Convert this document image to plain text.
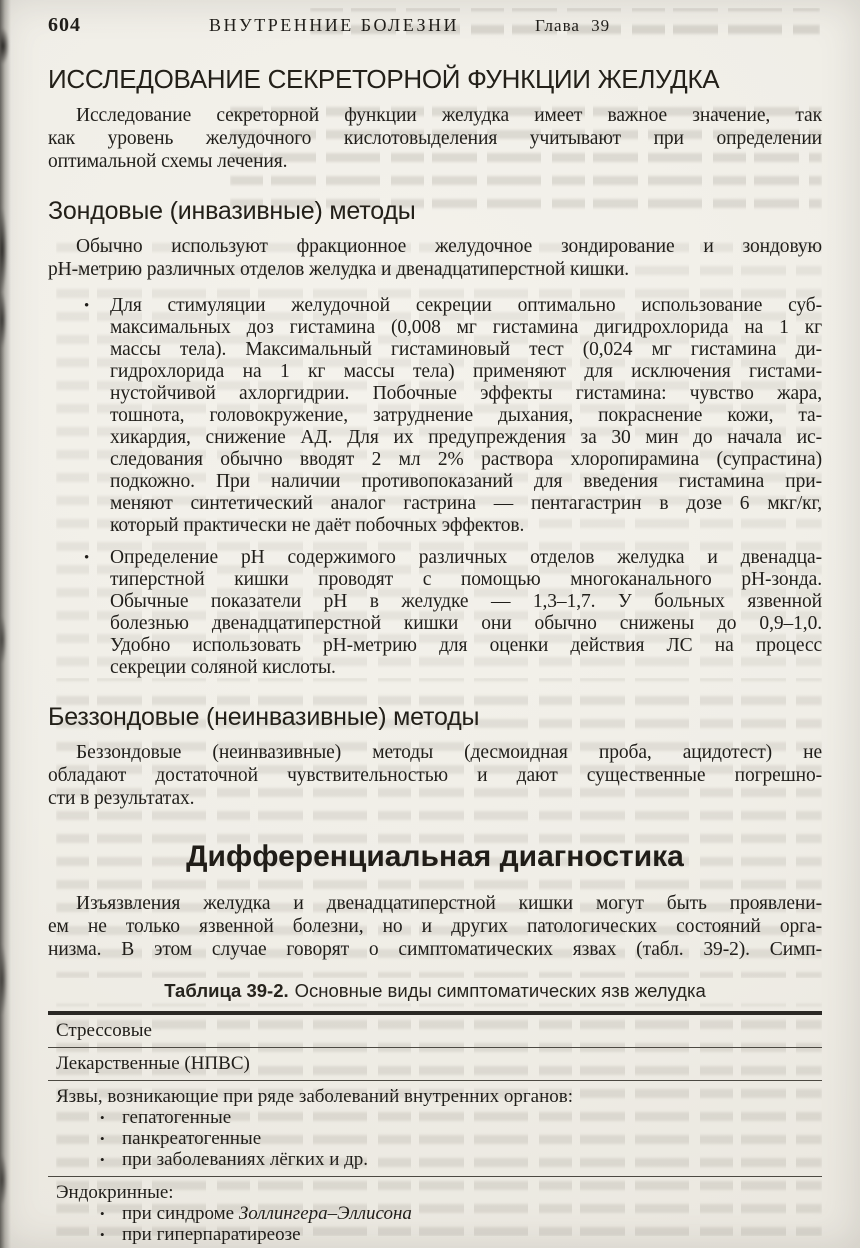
604	ВНУТРЕННИЕ БОЛЕЗНИ	Глава 39
ИССЛЕДОВАНИЕ СЕКРЕТОРНОЙ ФУНКЦИИ ЖЕЛУДКА
Исследование секреторной функции желудка имеет важное значение, так
как уровень желудочного кислотовыделения учитывают при определении
оптимальной схемы лечения.
Зондовые (инвазивные) методы
Обычно используют фракционное желудочное зондирование и зондовую
рН-метрию различных отделов желудка и двенадцатиперстной кишки.
• Для стимуляции желудочной секреции оптимально использование суб-
максимальных доз гистамина (0,008 мг гистамина дигидрохлорида на 1 кг
массы тела). Максимальный гистаминовый тест (0,024 мг гистамина ди-
гидрохлорида на 1 кг массы тела) применяют для исключения гистами-
нустойчивой ахлоргидрии. Побочные эффекты гистамина: чувство жара,
тошнота, головокружение, затруднение дыхания, покраснение кожи, та-
хикардия, снижение АД. Для их предупреждения за 30 мин до начала ис-
следования обычно вводят 2 мл 2% раствора хлоропирамина (супрастина)
подкожно. При наличии противопоказаний для введения гистамина при-
меняют синтетический аналог гастрина — пентагастрин в дозе 6 мкг/кг,
который практически не даёт побочных эффектов.
• Определение рН содержимого различных отделов желудка и двенадца-
типерстной кишки проводят с помощью многоканального рН-зонда.
Обычные показатели рН в желудке — 1,3–1,7. У больных язвенной
болезнью двенадцатиперстной кишки они обычно снижены до 0,9–1,0.
Удобно использовать рН-метрию для оценки действия ЛС на процесс
секреции соляной кислоты.
Беззондовые (неинвазивные) методы
Беззондовые (неинвазивные) методы (десмоидная проба, ацидотест) не
обладают достаточной чувствительностью и дают существенные погрешно-
сти в результатах.
Дифференциальная диагностика
Изъязвления желудка и двенадцатиперстной кишки могут быть проявлени-
ем не только язвенной болезни, но и других патологических состояний орга-
низма. В этом случае говорят о симптоматических язвах (табл. 39-2). Симп-
Таблица 39-2. Основные виды симптоматических язв желудка
Стрессовые
Лекарственные (НПВС)
Язвы, возникающие при ряде заболеваний внутренних органов:
• гепатогенные
• панкреатогенные
• при заболеваниях лёгких и др.
Эндокринные:
• при синдроме Золлингера–Эллисона
• при гиперпаратиреозе
